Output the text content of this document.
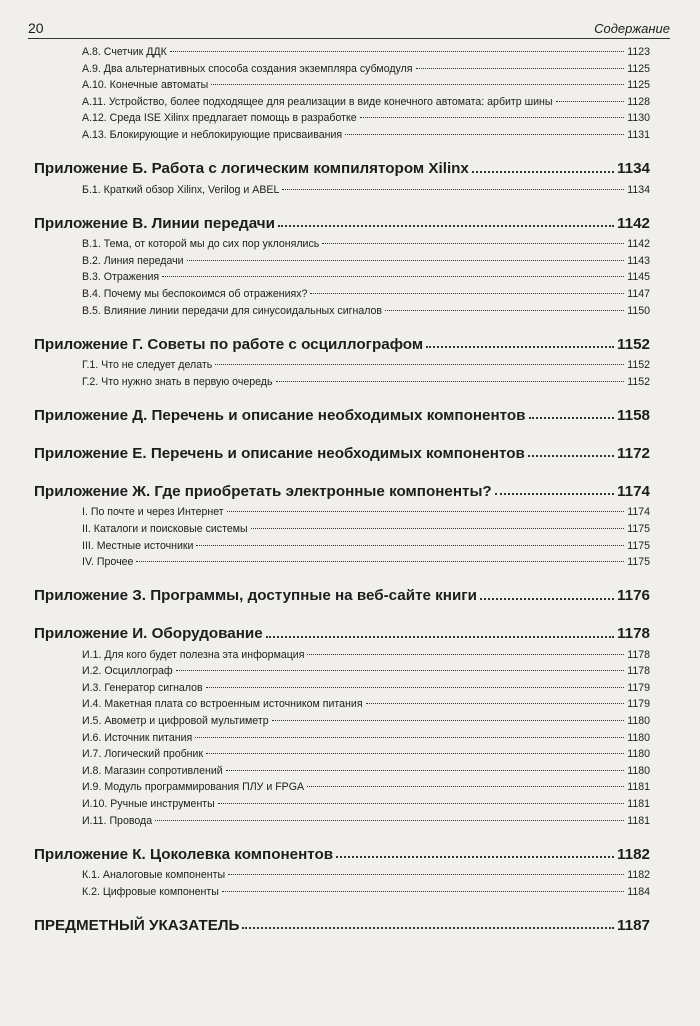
20	Содержание
А.8. Счетчик ДДК	1123
А.9. Два альтернативных способа создания экземпляра субмодуля	1125
А.10. Конечные автоматы	1125
А.11. Устройство, более подходящее для реализации в виде конечного автомата: арбитр шины	1128
А.12. Среда ISE Xilinx предлагает помощь в разработке	1130
А.13. Блокирующие и неблокирующие присваивания	1131
Приложение Б. Работа с логическим компилятором Xilinx	1134
Б.1. Краткий обзор Xilinx, Verilog и ABEL	1134
Приложение В. Линии передачи	1142
В.1. Тема, от которой мы до сих пор уклонялись	1142
В.2. Линия передачи	1143
В.3. Отражения	1145
В.4. Почему мы беспокоимся об отражениях?	1147
В.5. Влияние линии передачи для синусоидальных сигналов	1150
Приложение Г. Советы по работе с осциллографом	1152
Г.1. Что не следует делать	1152
Г.2. Что нужно знать в первую очередь	1152
Приложение Д. Перечень и описание необходимых компонентов	1158
Приложение Е. Перечень и описание необходимых компонентов	1172
Приложение Ж. Где приобретать электронные компоненты?	1174
I. По почте и через Интернет	1174
II. Каталоги и поисковые системы	1175
III. Местные источники	1175
IV. Прочее	1175
Приложение З. Программы, доступные на веб-сайте книги	1176
Приложение И. Оборудование	1178
И.1. Для кого будет полезна эта информация	1178
И.2. Осциллограф	1178
И.3. Генератор сигналов	1179
И.4. Макетная плата со встроенным источником питания	1179
И.5. Авометр и цифровой мультиметр	1180
И.6. Источник питания	1180
И.7. Логический пробник	1180
И.8. Магазин сопротивлений	1180
И.9. Модуль программирования ПЛУ и FPGA	1181
И.10. Ручные инструменты	1181
И.11. Провода	1181
Приложение К. Цоколевка компонентов	1182
К.1. Аналоговые компоненты	1182
К.2. Цифровые компоненты	1184
ПРЕДМЕТНЫЙ УКАЗАТЕЛЬ	1187
